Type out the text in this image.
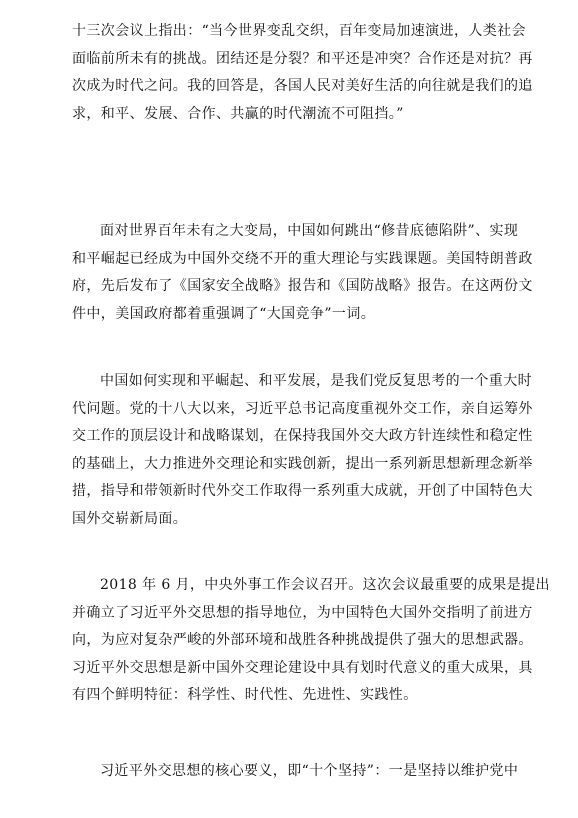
十三次会议上指出：“当今世界变乱交织，百年变局加速演进，人类社会
面临前所未有的挑战。团结还是分裂？和平还是冲突？合作还是对抗？再
次成为时代之问。我的回答是，各国人民对美好生活的向往就是我们的追
求，和平、发展、合作、共赢的时代潮流不可阻挡。”
面对世界百年未有之大变局，中国如何跳出“修昔底德陷阱”、实现
和平崛起已经成为中国外交绕不开的重大理论与实践课题。美国特朗普政
府，先后发布了《国家安全战略》报告和《国防战略》报告。在这两份文
件中，美国政府都着重强调了“大国竞争”一词。
中国如何实现和平崛起、和平发展，是我们党反复思考的一个重大时
代问题。党的十八大以来，习近平总书记高度重视外交工作，亲自运筹外
交工作的顶层设计和战略谋划，在保持我国外交大政方针连续性和稳定性
的基础上，大力推进外交理论和实践创新，提出一系列新思想新理念新举
措，指导和带领新时代外交工作取得一系列重大成就，开创了中国特色大
国外交崭新局面。
2018 年 6 月，中央外事工作会议召开。这次会议最重要的成果是提出
并确立了习近平外交思想的指导地位，为中国特色大国外交指明了前进方
向，为应对复杂严峻的外部环境和战胜各种挑战提供了强大的思想武器。
习近平外交思想是新中国外交理论建设中具有划时代意义的重大成果，具
有四个鲜明特征：科学性、时代性、先进性、实践性。
习近平外交思想的核心要义，即“十个坚持”：一是坚持以维护党中
